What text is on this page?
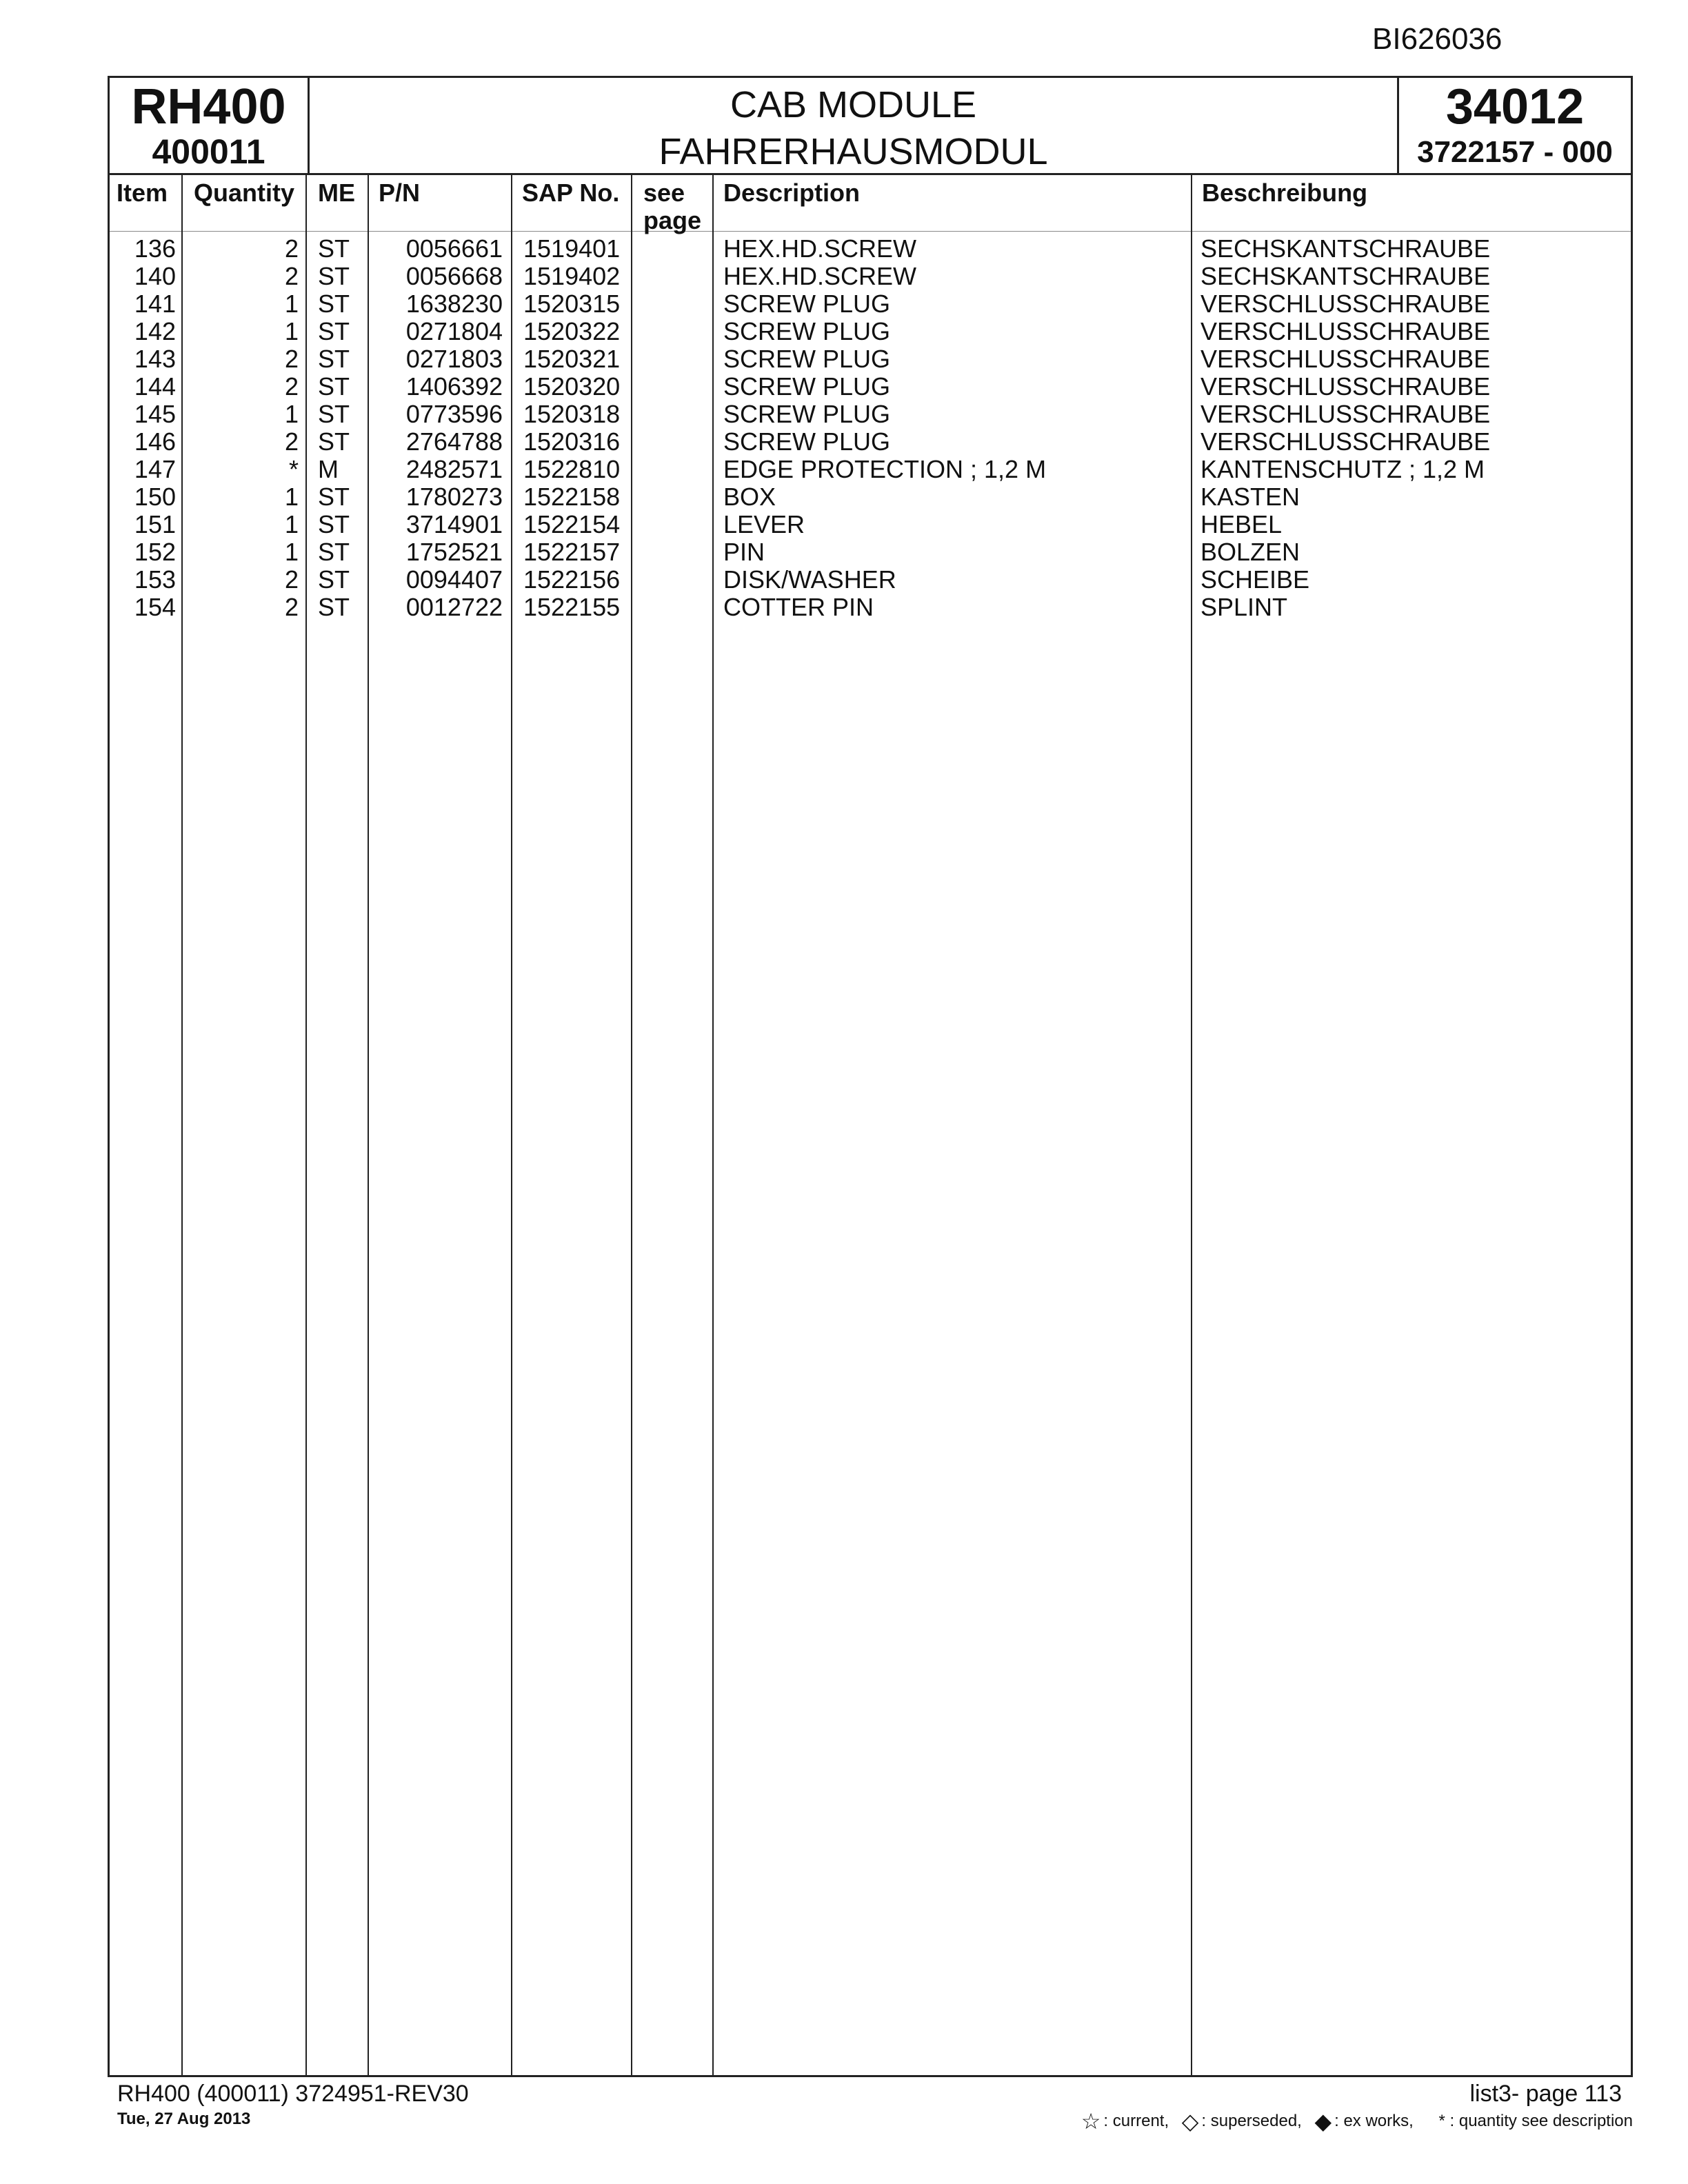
BI626036
RH400
400011
CAB MODULE
FAHRERHAUSMODUL
34012
3722157 - 000
Item Quantity ME P/N	SAP No. see
page
Description	Beschreibung
136	2 ST	0056661 1519401	HEX.HD.SCREW	SECHSKANTSCHRAUBE
140	2 ST	0056668 1519402	HEX.HD.SCREW	SECHSKANTSCHRAUBE
141	1 ST	1638230 1520315	SCREW PLUG	VERSCHLUSSCHRAUBE
142	1 ST	0271804 1520322	SCREW PLUG	VERSCHLUSSCHRAUBE
143	2 ST	0271803 1520321	SCREW PLUG	VERSCHLUSSCHRAUBE
144	2 ST	1406392 1520320	SCREW PLUG	VERSCHLUSSCHRAUBE
145	1 ST	0773596 1520318	SCREW PLUG	VERSCHLUSSCHRAUBE
146	2 ST	2764788 1520316	SCREW PLUG	VERSCHLUSSCHRAUBE
147	* M	2482571 1522810	EDGE PROTECTION ; 1,2 M	KANTENSCHUTZ ; 1,2 M
150	1 ST	1780273 1522158	BOX	KASTEN
151	1 ST	3714901 1522154	LEVER	HEBEL
152	1 ST	1752521 1522157	PIN	BOLZEN
153	2 ST	0094407 1522156	DISK/WASHER	SCHEIBE
154	2 ST	0012722 1522155	COTTER PIN	SPLINT
RH400 (400011) 3724951-REV30
Tue, 27 Aug 2013
list3- page 113
☆ : current, ◇ : superseded, ◆ : ex works, * : quantity see description
